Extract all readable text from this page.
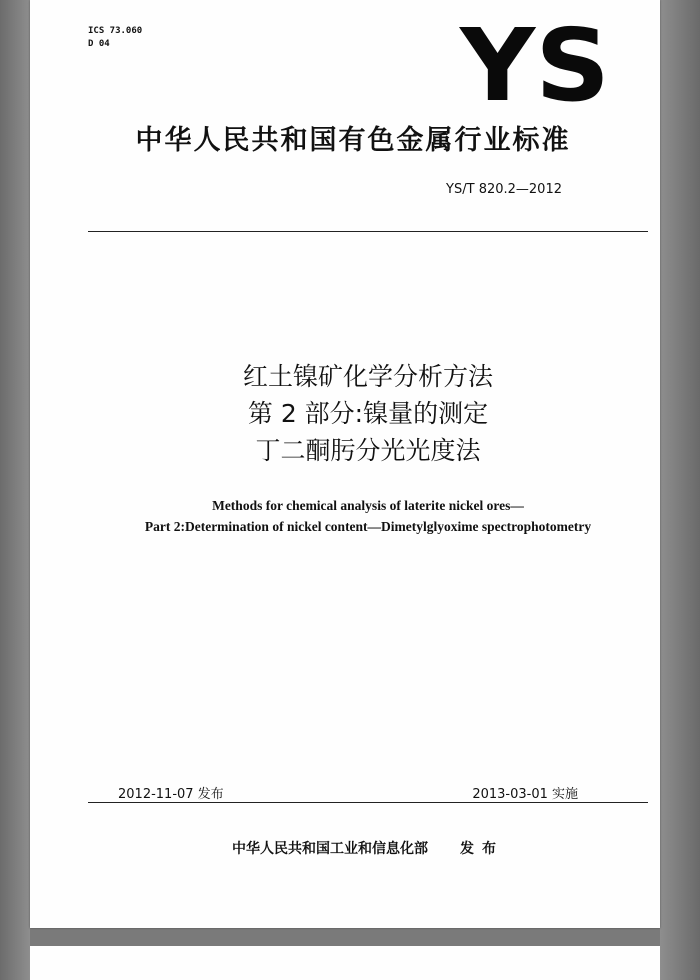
ICS 73.060
D 04	YS
中华人民共和国有色金属行业标准
YS/T 820.2—2012
红土镍矿化学分析方法
第 2 部分:镍量的测定
丁二酮肟分光光度法
Methods for chemical analysis of laterite nickel ores—
Part 2:Determination of nickel content—Dimetylglyoxime spectrophotometry
2012-11-07 发布	2013-03-01 实施
中华人民共和国工业和信息化部 发布
